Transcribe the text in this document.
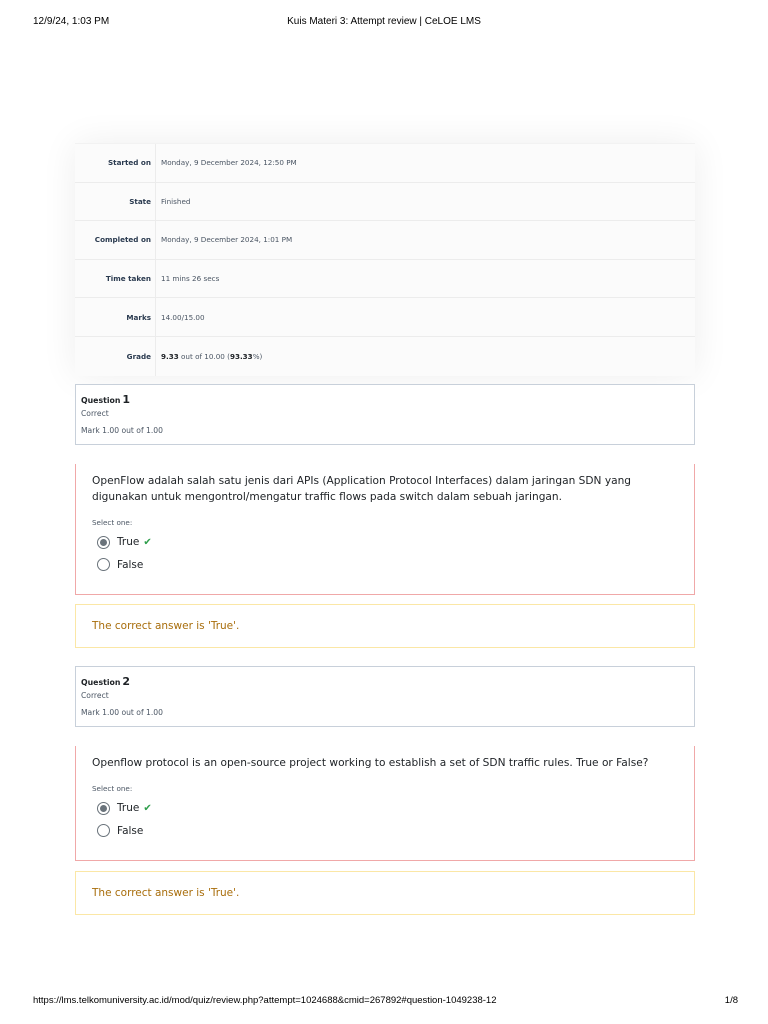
12/9/24, 1:03 PM	Kuis Materi 3: Attempt review | CeLOE LMS
Started on	Monday, 9 December 2024, 12:50 PM
State	Finished
Completed on	Monday, 9 December 2024, 1:01 PM
Time taken	11 mins 26 secs
Marks	14.00/15.00
Grade	9.33 out of 10.00 (93.33%)
Question 1
Correct
Mark 1.00 out of 1.00
OpenFlow adalah salah satu jenis dari APIs (Application Protocol Interfaces) dalam jaringan SDN yang digunakan untuk mengontrol/mengatur traffic flows pada switch dalam sebuah jaringan.
Select one:
True ✔
False
The correct answer is 'True'.
Question 2
Correct
Mark 1.00 out of 1.00
Openflow protocol is an open-source project working to establish a set of SDN traffic rules. True or False?
Select one:
True ✔
False
The correct answer is 'True'.
https://lms.telkomuniversity.ac.id/mod/quiz/review.php?attempt=1024688&cmid=267892#question-1049238-12	1/8
